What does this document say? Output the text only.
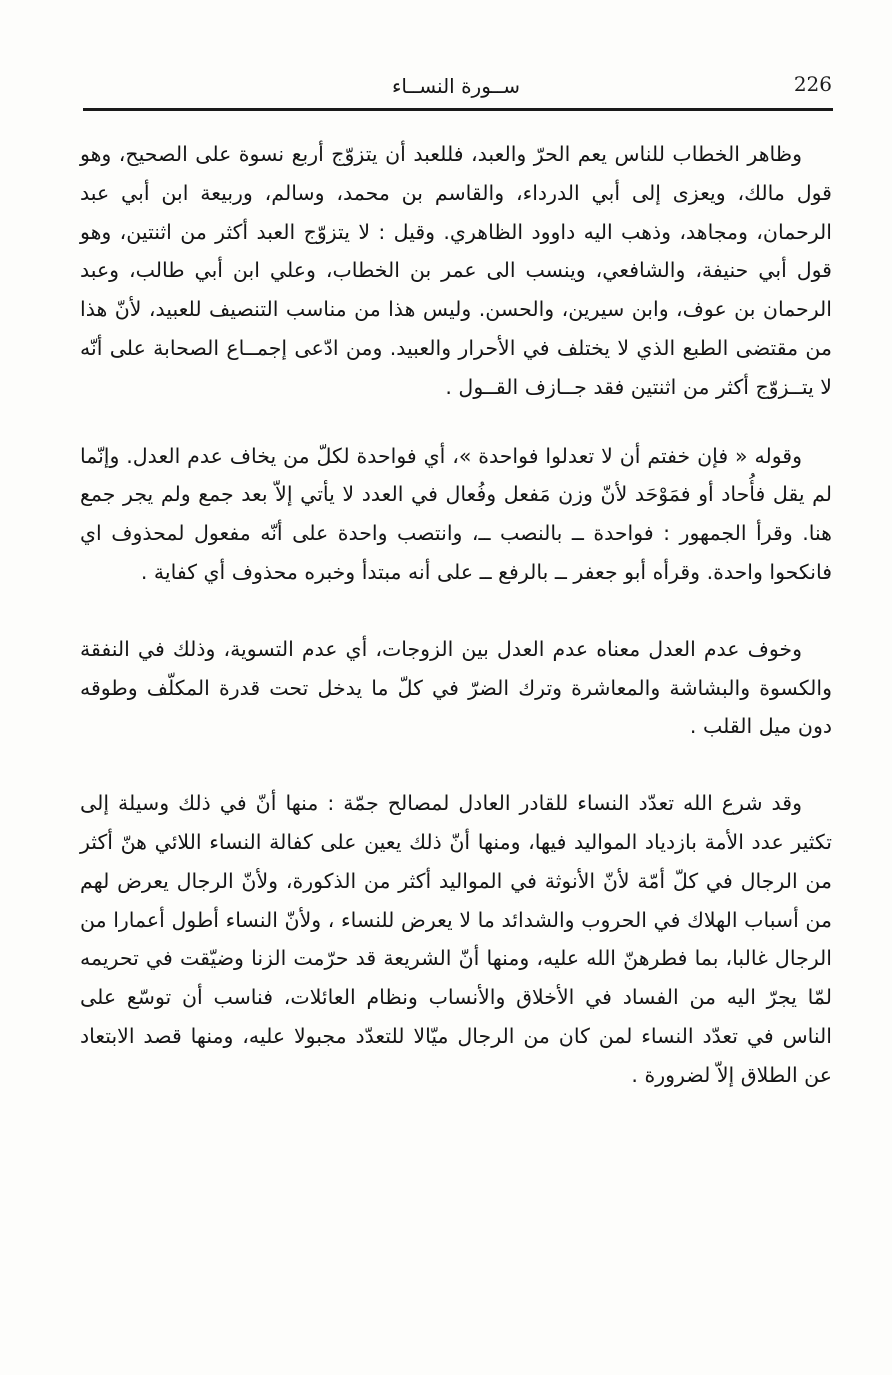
226
ســورة النســاء

وظاهر الخطاب للناس يعم الحرّ والعبد، فللعبد أن يتزوّج أربع نسوة على الصحيح، وهو قول مالك، ويعزى إلى أبي الدرداء، والقاسم بن محمد، وسالم، وربيعة ابن أبي عبد الرحمان، ومجاهد، وذهب اليه داوود الظاهري. وقيل : لا يتزوّج العبد أكثر من اثنتين، وهو قول أبي حنيفة، والشافعي، وينسب الى عمر بن الخطاب، وعلي ابن أبي طالب، وعبد الرحمان بن عوف، وابن سيرين، والحسن. وليس هذا من مناسب التنصيف للعبيد، لأنّ هذا من مقتضى الطبع الذي لا يختلف في الأحرار والعبيد. ومن ادّعى إجمــاع الصحابة على أنّه لا يتــزوّج أكثر من اثنتين فقد جــازف القــول .

وقوله « فإن خفتم أن لا تعدلوا فواحدة »، أي فواحدة لكلّ من يخاف عدم العدل. وإنّما لم يقل فأُحاد أو فمَوْحَد لأنّ وزن مَفعل وفُعال في العدد لا يأتي إلاّ بعد جمع ولم يجر جمع هنا. وقرأ الجمهور : فواحدة ــ بالنصب ــ، وانتصب واحدة على أنّه مفعول لمحذوف اي فانكحوا واحدة. وقرأه أبو جعفر ــ بالرفع ــ على أنه مبتدأ وخبره محذوف أي كفاية .

وخوف عدم العدل معناه عدم العدل بين الزوجات، أي عدم التسوية، وذلك في النفقة والكسوة والبشاشة والمعاشرة وترك الضرّ في كلّ ما يدخل تحت قدرة المكلّف وطوقه دون ميل القلب .

وقد شرع الله تعدّد النساء للقادر العادل لمصالح جمّة : منها أنّ في ذلك وسيلة إلى تكثير عدد الأمة بازدياد المواليد فيها، ومنها أنّ ذلك يعين على كفالة النساء اللائي هنّ أكثر من الرجال في كلّ أمّة لأنّ الأنوثة في المواليد أكثر من الذكورة، ولأنّ الرجال يعرض لهم من أسباب الهلاك في الحروب والشدائد ما لا يعرض للنساء ، ولأنّ النساء أطول أعمارا من الرجال غالبا، بما فطرهنّ الله عليه، ومنها أنّ الشريعة قد حرّمت الزنا وضيّقت في تحريمه لمّا يجرّ اليه من الفساد في الأخلاق والأنساب ونظام العائلات، فناسب أن توسّع على الناس في تعدّد النساء لمن كان من الرجال ميّالا للتعدّد مجبولا عليه، ومنها قصد الابتعاد عن الطلاق إلاّ لضرورة .
